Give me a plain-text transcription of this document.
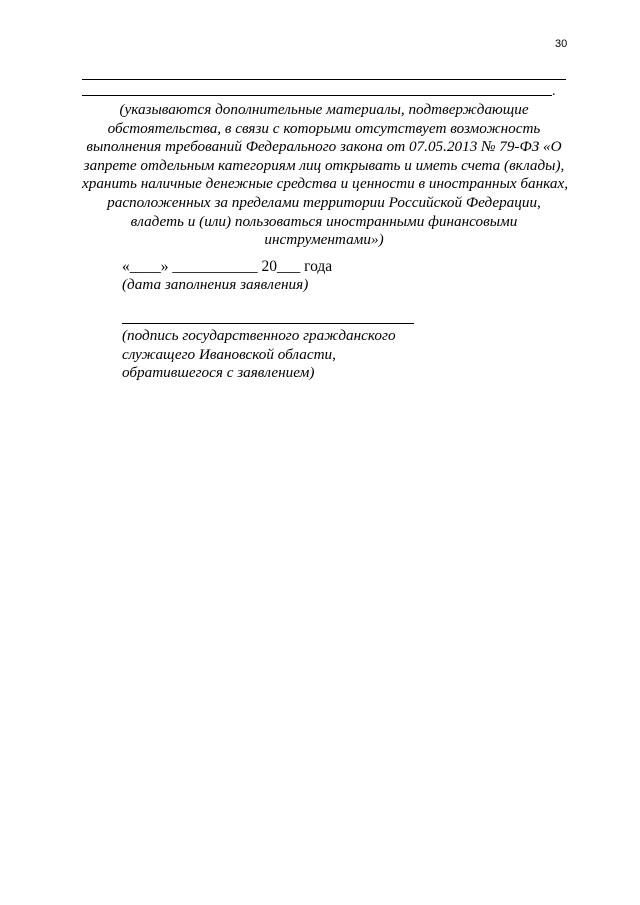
30
.

(указываются дополнительные материалы, подтверждающие
обстоятельства, в связи с которыми отсутствует возможность
выполнения требований Федерального закона от 07.05.2013 № 79-ФЗ «О
запрете отдельным категориям лиц открывать и иметь счета (вклады),
хранить наличные денежные средства и ценности в иностранных банках,
расположенных за пределами территории Российской Федерации,
владеть и (или) пользоваться иностранными финансовыми
инструментами»)

«____» ___________ 20___ года
(дата заполнения заявления)
(подпись государственного гражданского
служащего Ивановской области,
обратившегося с заявлением)
